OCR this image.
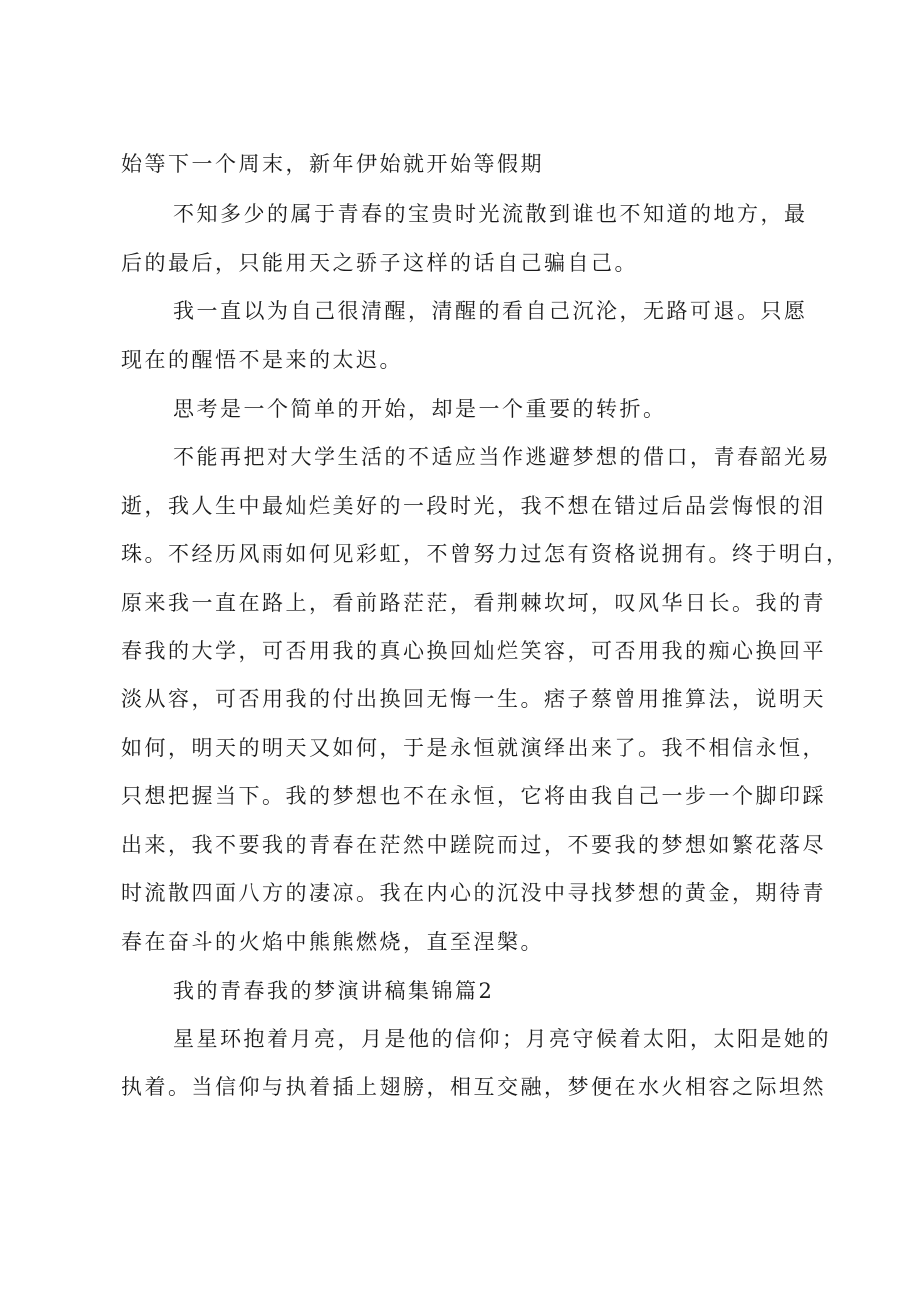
始等下一个周末，新年伊始就开始等假期
不知多少的属于青春的宝贵时光流散到谁也不知道的地方，最
后的最后，只能用天之骄子这样的话自己骗自己。
我一直以为自己很清醒，清醒的看自己沉沦，无路可退。只愿
现在的醒悟不是来的太迟。
思考是一个简单的开始，却是一个重要的转折。
不能再把对大学生活的不适应当作逃避梦想的借口，青春韶光易
逝，我人生中最灿烂美好的一段时光，我不想在错过后品尝悔恨的泪
珠。不经历风雨如何见彩虹，不曾努力过怎有资格说拥有。终于明白，
原来我一直在路上，看前路茫茫，看荆棘坎坷，叹风华日长。我的青
春我的大学，可否用我的真心换回灿烂笑容，可否用我的痴心换回平
淡从容，可否用我的付出换回无悔一生。痞子蔡曾用推算法，说明天
如何，明天的明天又如何，于是永恒就演绎出来了。我不相信永恒，
只想把握当下。我的梦想也不在永恒，它将由我自己一步一个脚印踩
出来，我不要我的青春在茫然中蹉院而过，不要我的梦想如繁花落尽
时流散四面八方的凄凉。我在内心的沉没中寻找梦想的黄金，期待青
春在奋斗的火焰中熊熊燃烧，直至涅槃。
我的青春我的梦演讲稿集锦篇2
星星环抱着月亮，月是他的信仰；月亮守候着太阳，太阳是她的
执着。当信仰与执着插上翅膀，相互交融，梦便在水火相容之际坦然
